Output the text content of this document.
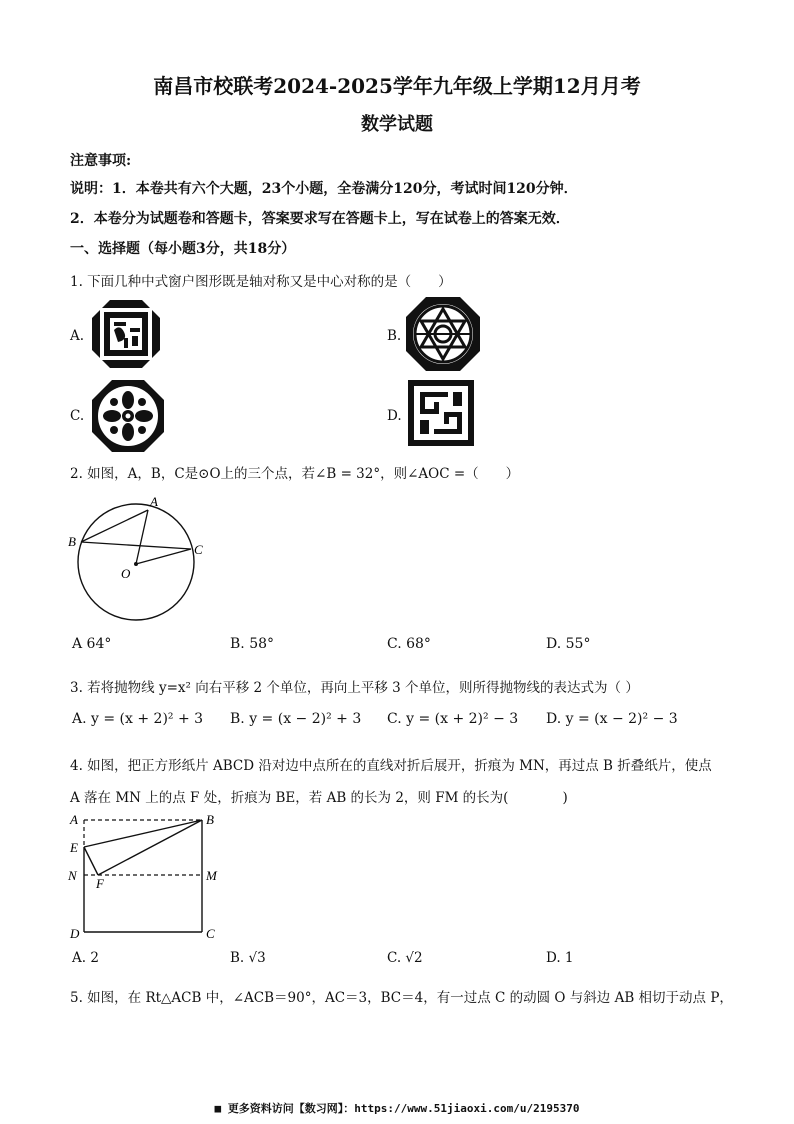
南昌市校联考2024-2025学年九年级上学期12月月考
数学试题
注意事项:
说明：1．本卷共有六个大题，23个小题，全卷满分120分，考试时间120分钟．
2．本卷分为试题卷和答题卡，答案要求写在答题卡上，写在试卷上的答案无效．
一、选择题（每小题3分，共18分）
1. 下面几种中式窗户图形既是轴对称又是中心对称的是（　　）
A.	B.
C.	D.
2. 如图，A，B，C是⊙O上的三个点，若∠B = 32°，则∠AOC =（　　）
A
B
C
O
A 64°	B. 58°	C. 68°	D. 55°
3. 若将抛物线 y=x² 向右平移 2 个单位，再向上平移 3 个单位，则所得抛物线的表达式为（ ）
A. y = (x + 2)² + 3 B. y = (x − 2)² + 3 C. y = (x + 2)² − 3 D. y = (x − 2)² − 3
4. 如图，把正方形纸片 ABCD 沿对边中点所在的直线对折后展开，折痕为 MN，再过点 B 折叠纸片，使点
A 落在 MN 上的点 F 处，折痕为 BE，若 AB 的长为 2，则 FM 的长为(　　　　)
A	B
C
D
E
F
M
N
A. 2	B. √3	C. √2	D. 1
5. 如图，在 Rt△ACB 中，∠ACB＝90°，AC＝3，BC＝4，有一过点 C 的动圆 O 与斜边 AB 相切于动点 P，
■ 更多资料访问【数习网】：https://www.51jiaoxi.com/u/2195370
